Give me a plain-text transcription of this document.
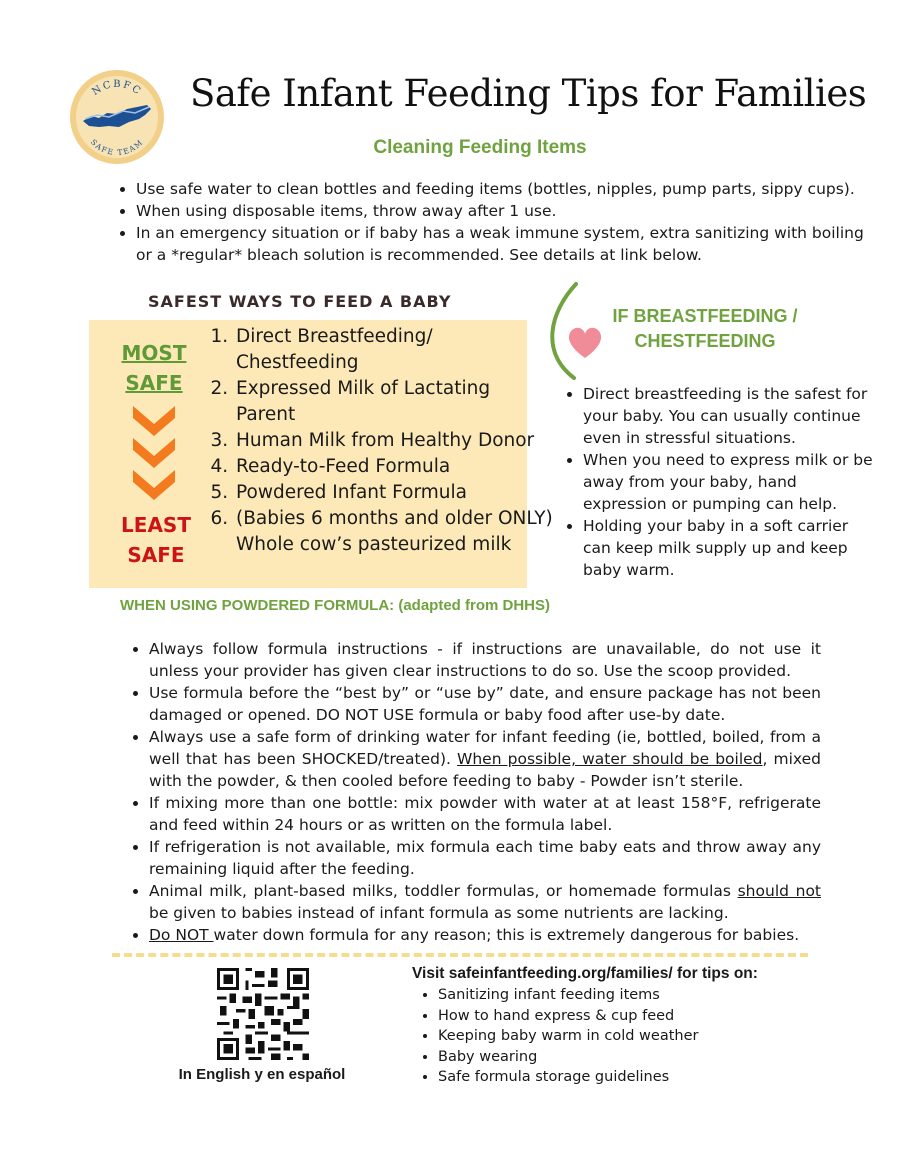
NCBFC
SAFE TEAM
Safe Infant Feeding Tips for Families
Cleaning Feeding Items
• Use safe water to clean bottles and feeding items (bottles, nipples, pump parts, sippy cups).
• When using disposable items, throw away after 1 use.
• In an emergency situation or if baby has a weak immune system, extra sanitizing with boiling or a *regular* bleach solution is recommended. See details at link below.
SAFEST WAYS TO FEED A BABY
MOST
SAFE
LEAST
SAFE
1. Direct Breastfeeding/ Chestfeeding
2. Expressed Milk of Lactating Parent
3. Human Milk from Healthy Donor
4. Ready-to-Feed Formula
5. Powdered Infant Formula
6. (Babies 6 months and older ONLY) Whole cow’s pasteurized milk
IF BREASTFEEDING /
CHESTFEEDING
• Direct breastfeeding is the safest for your baby. You can usually continue even in stressful situations.
• When you need to express milk or be away from your baby, hand expression or pumping can help.
• Holding your baby in a soft carrier can keep milk supply up and keep baby warm.
WHEN USING POWDERED FORMULA: (adapted from DHHS)
• Always follow formula instructions - if instructions are unavailable, do not use it unless your provider has given clear instructions to do so. Use the scoop provided.
• Use formula before the “best by” or “use by” date, and ensure package has not been damaged or opened. DO NOT USE formula or baby food after use-by date.
• Always use a safe form of drinking water for infant feeding (ie, bottled, boiled, from a well that has been SHOCKED/treated). When possible, water should be boiled, mixed with the powder, & then cooled before feeding to baby - Powder isn’t sterile.
• If mixing more than one bottle: mix powder with water at at least 158°F, refrigerate and feed within 24 hours or as written on the formula label.
• If refrigeration is not available, mix formula each time baby eats and throw away any remaining liquid after the feeding.
• Animal milk, plant-based milks, toddler formulas, or homemade formulas should not be given to babies instead of infant formula as some nutrients are lacking.
• Do NOT water down formula for any reason; this is extremely dangerous for babies.
In English y en español
Visit safeinfantfeeding.org/families/ for tips on:
• Sanitizing infant feeding items
• How to hand express & cup feed
• Keeping baby warm in cold weather
• Baby wearing
• Safe formula storage guidelines
